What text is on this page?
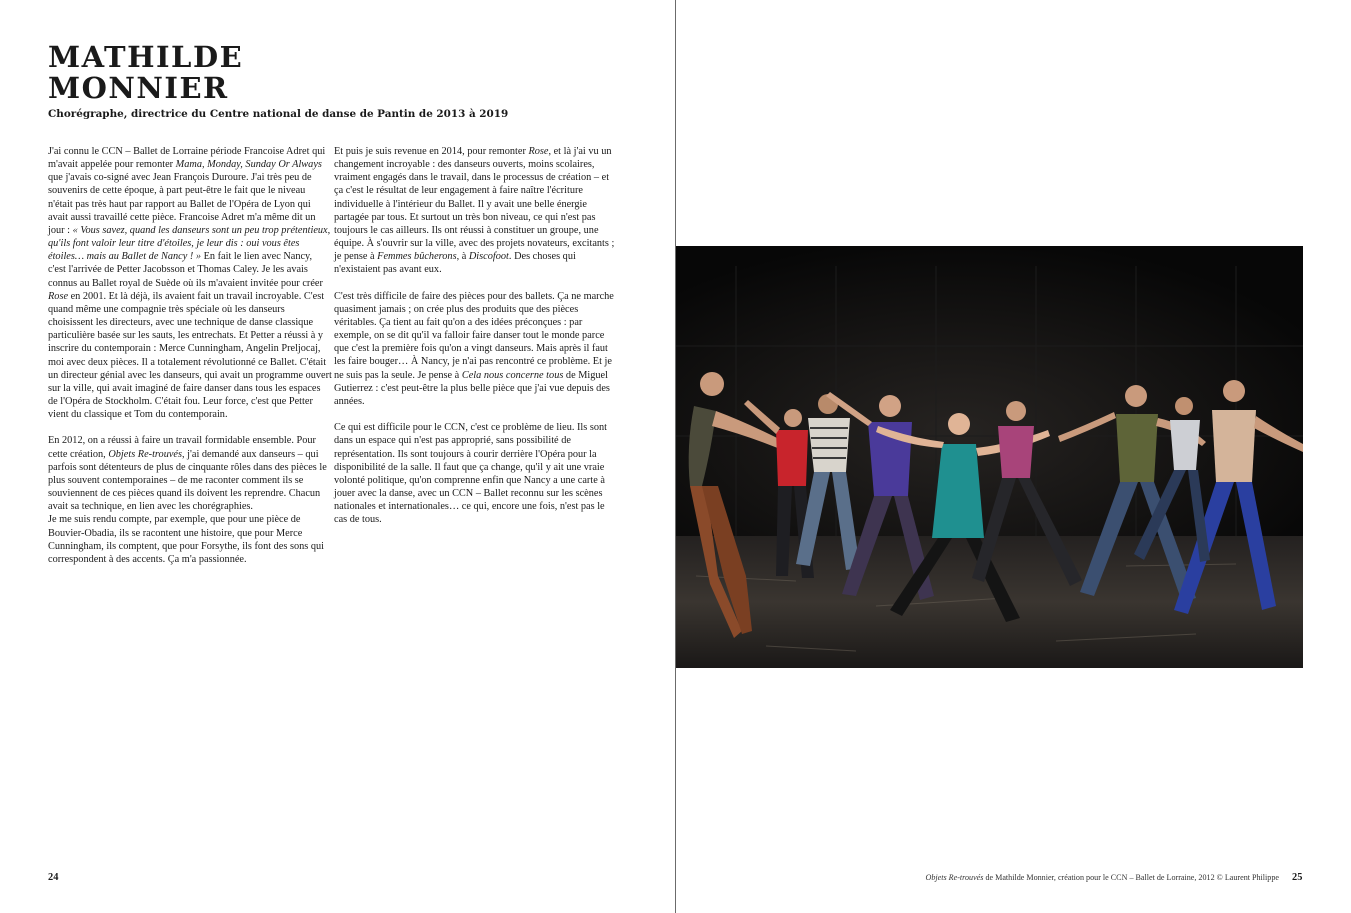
MATHILDE
MONNIER
Chorégraphe, directrice du Centre national de danse de Pantin de 2013 à 2019

J'ai connu le CCN – Ballet de Lorraine période Francoise Adret qui m'avait appelée pour remonter Mama, Monday, Sunday Or Always que j'avais co-signé avec Jean François Duroure. J'ai très peu de souvenirs de cette époque, à part peut-être le fait que le niveau n'était pas très haut par rapport au Ballet de l'Opéra de Lyon qui avait aussi travaillé cette pièce. Francoise Adret m'a même dit un jour : « Vous savez, quand les danseurs sont un peu trop prétentieux, qu'ils font valoir leur titre d'étoiles, je leur dis : oui vous êtes étoiles… mais au Ballet de Nancy ! » En fait le lien avec Nancy, c'est l'arrivée de Petter Jacobsson et Thomas Caley. Je les avais connus au Ballet royal de Suède où ils m'avaient invitée pour créer Rose en 2001. Et là déjà, ils avaient fait un travail incroyable. C'est quand même une compagnie très spéciale où les danseurs choisissent les directeurs, avec une technique de danse classique particulière basée sur les sauts, les entrechats. Et Petter a réussi à y inscrire du contemporain : Merce Cunningham, Angelin Preljocaj, moi avec deux pièces. Il a totalement révolutionné ce Ballet. C'était un directeur génial avec les danseurs, qui avait un programme ouvert sur la ville, qui avait imaginé de faire danser dans tous les espaces de l'Opéra de Stockholm. C'était fou. Leur force, c'est que Petter vient du classique et Tom du contemporain.

En 2012, on a réussi à faire un travail formidable ensemble. Pour cette création, Objets Re-trouvés, j'ai demandé aux danseurs – qui parfois sont détenteurs de plus de cinquante rôles dans des pièces le plus souvent contemporaines – de me raconter comment ils se souviennent de ces pièces quand ils doivent les reprendre. Chacun avait sa technique, en lien avec les chorégraphies.
Je me suis rendu compte, par exemple, que pour une pièce de Bouvier-Obadia, ils se racontent une histoire, que pour Merce Cunningham, ils comptent, que pour Forsythe, ils font des sons qui correspondent à des accents. Ça m'a passionnée.

Et puis je suis revenue en 2014, pour remonter Rose, et là j'ai vu un changement incroyable : des danseurs ouverts, moins scolaires, vraiment engagés dans le travail, dans le processus de création – et ça c'est le résultat de leur engagement à faire naître l'écriture individuelle à l'intérieur du Ballet. Il y avait une belle énergie partagée par tous. Et surtout un très bon niveau, ce qui n'est pas toujours le cas ailleurs. Ils ont réussi à constituer un groupe, une équipe. À s'ouvrir sur la ville, avec des projets novateurs, excitants ; je pense à Femmes bûcherons, à Discofoot. Des choses qui n'existaient pas avant eux.

C'est très difficile de faire des pièces pour des ballets. Ça ne marche quasiment jamais ; on crée plus des produits que des pièces véritables. Ça tient au fait qu'on a des idées préconçues : par exemple, on se dit qu'il va falloir faire danser tout le monde parce que c'est la première fois qu'on a vingt danseurs. Mais après il faut les faire bouger… À Nancy, je n'ai pas rencontré ce problème. Et je ne suis pas la seule. Je pense à Cela nous concerne tous de Miguel Gutierrez : c'est peut-être la plus belle pièce que j'ai vue depuis des années.

Ce qui est difficile pour le CCN, c'est ce problème de lieu. Ils sont dans un espace qui n'est pas approprié, sans possibilité de représentation. Ils sont toujours à courir derrière l'Opéra pour la disponibilité de la salle. Il faut que ça change, qu'il y ait une vraie volonté politique, qu'on comprenne enfin que Nancy a une carte à jouer avec la danse, avec un CCN – Ballet reconnu sur les scènes nationales et internationales… ce qui, encore une fois, n'est pas le cas de tous.

24	Objets Re-trouvés de Mathilde Monnier, création pour le CCN – Ballet de Lorraine, 2012 © Laurent Philippe 25
